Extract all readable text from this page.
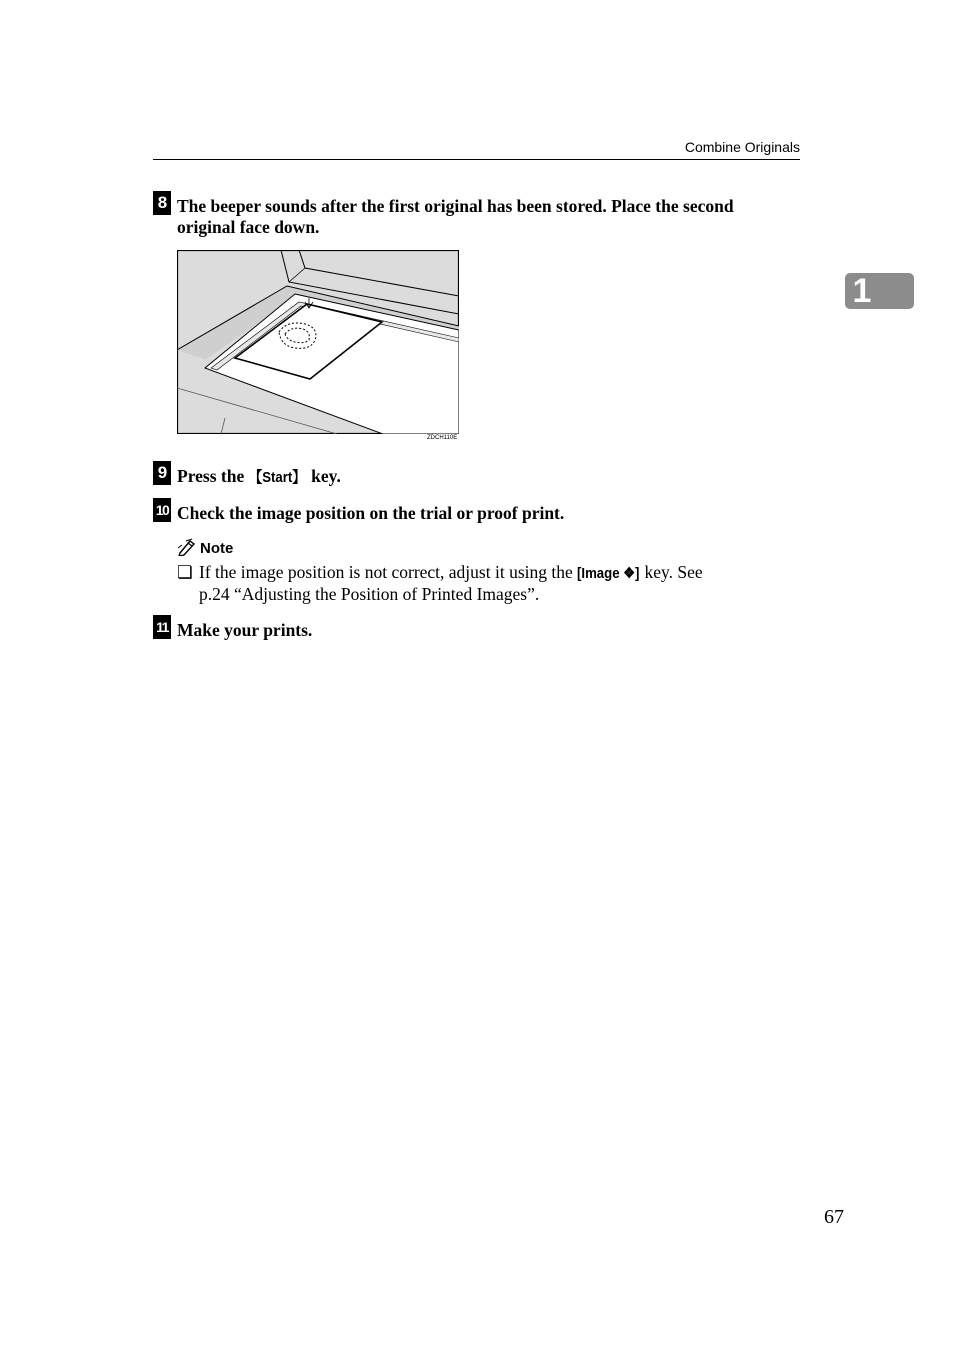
Combine Originals
1
8 The beeper sounds after the first original has been stored. Place the second
original face down.
ZDCH110E
9 Press the 【Start】 key.
10 Check the image position on the trial or proof print.
Note
❏ If the image position is not correct, adjust it using the [Image ❖] key. See
p.24 “Adjusting the Position of Printed Images”.
11 Make your prints.
67
